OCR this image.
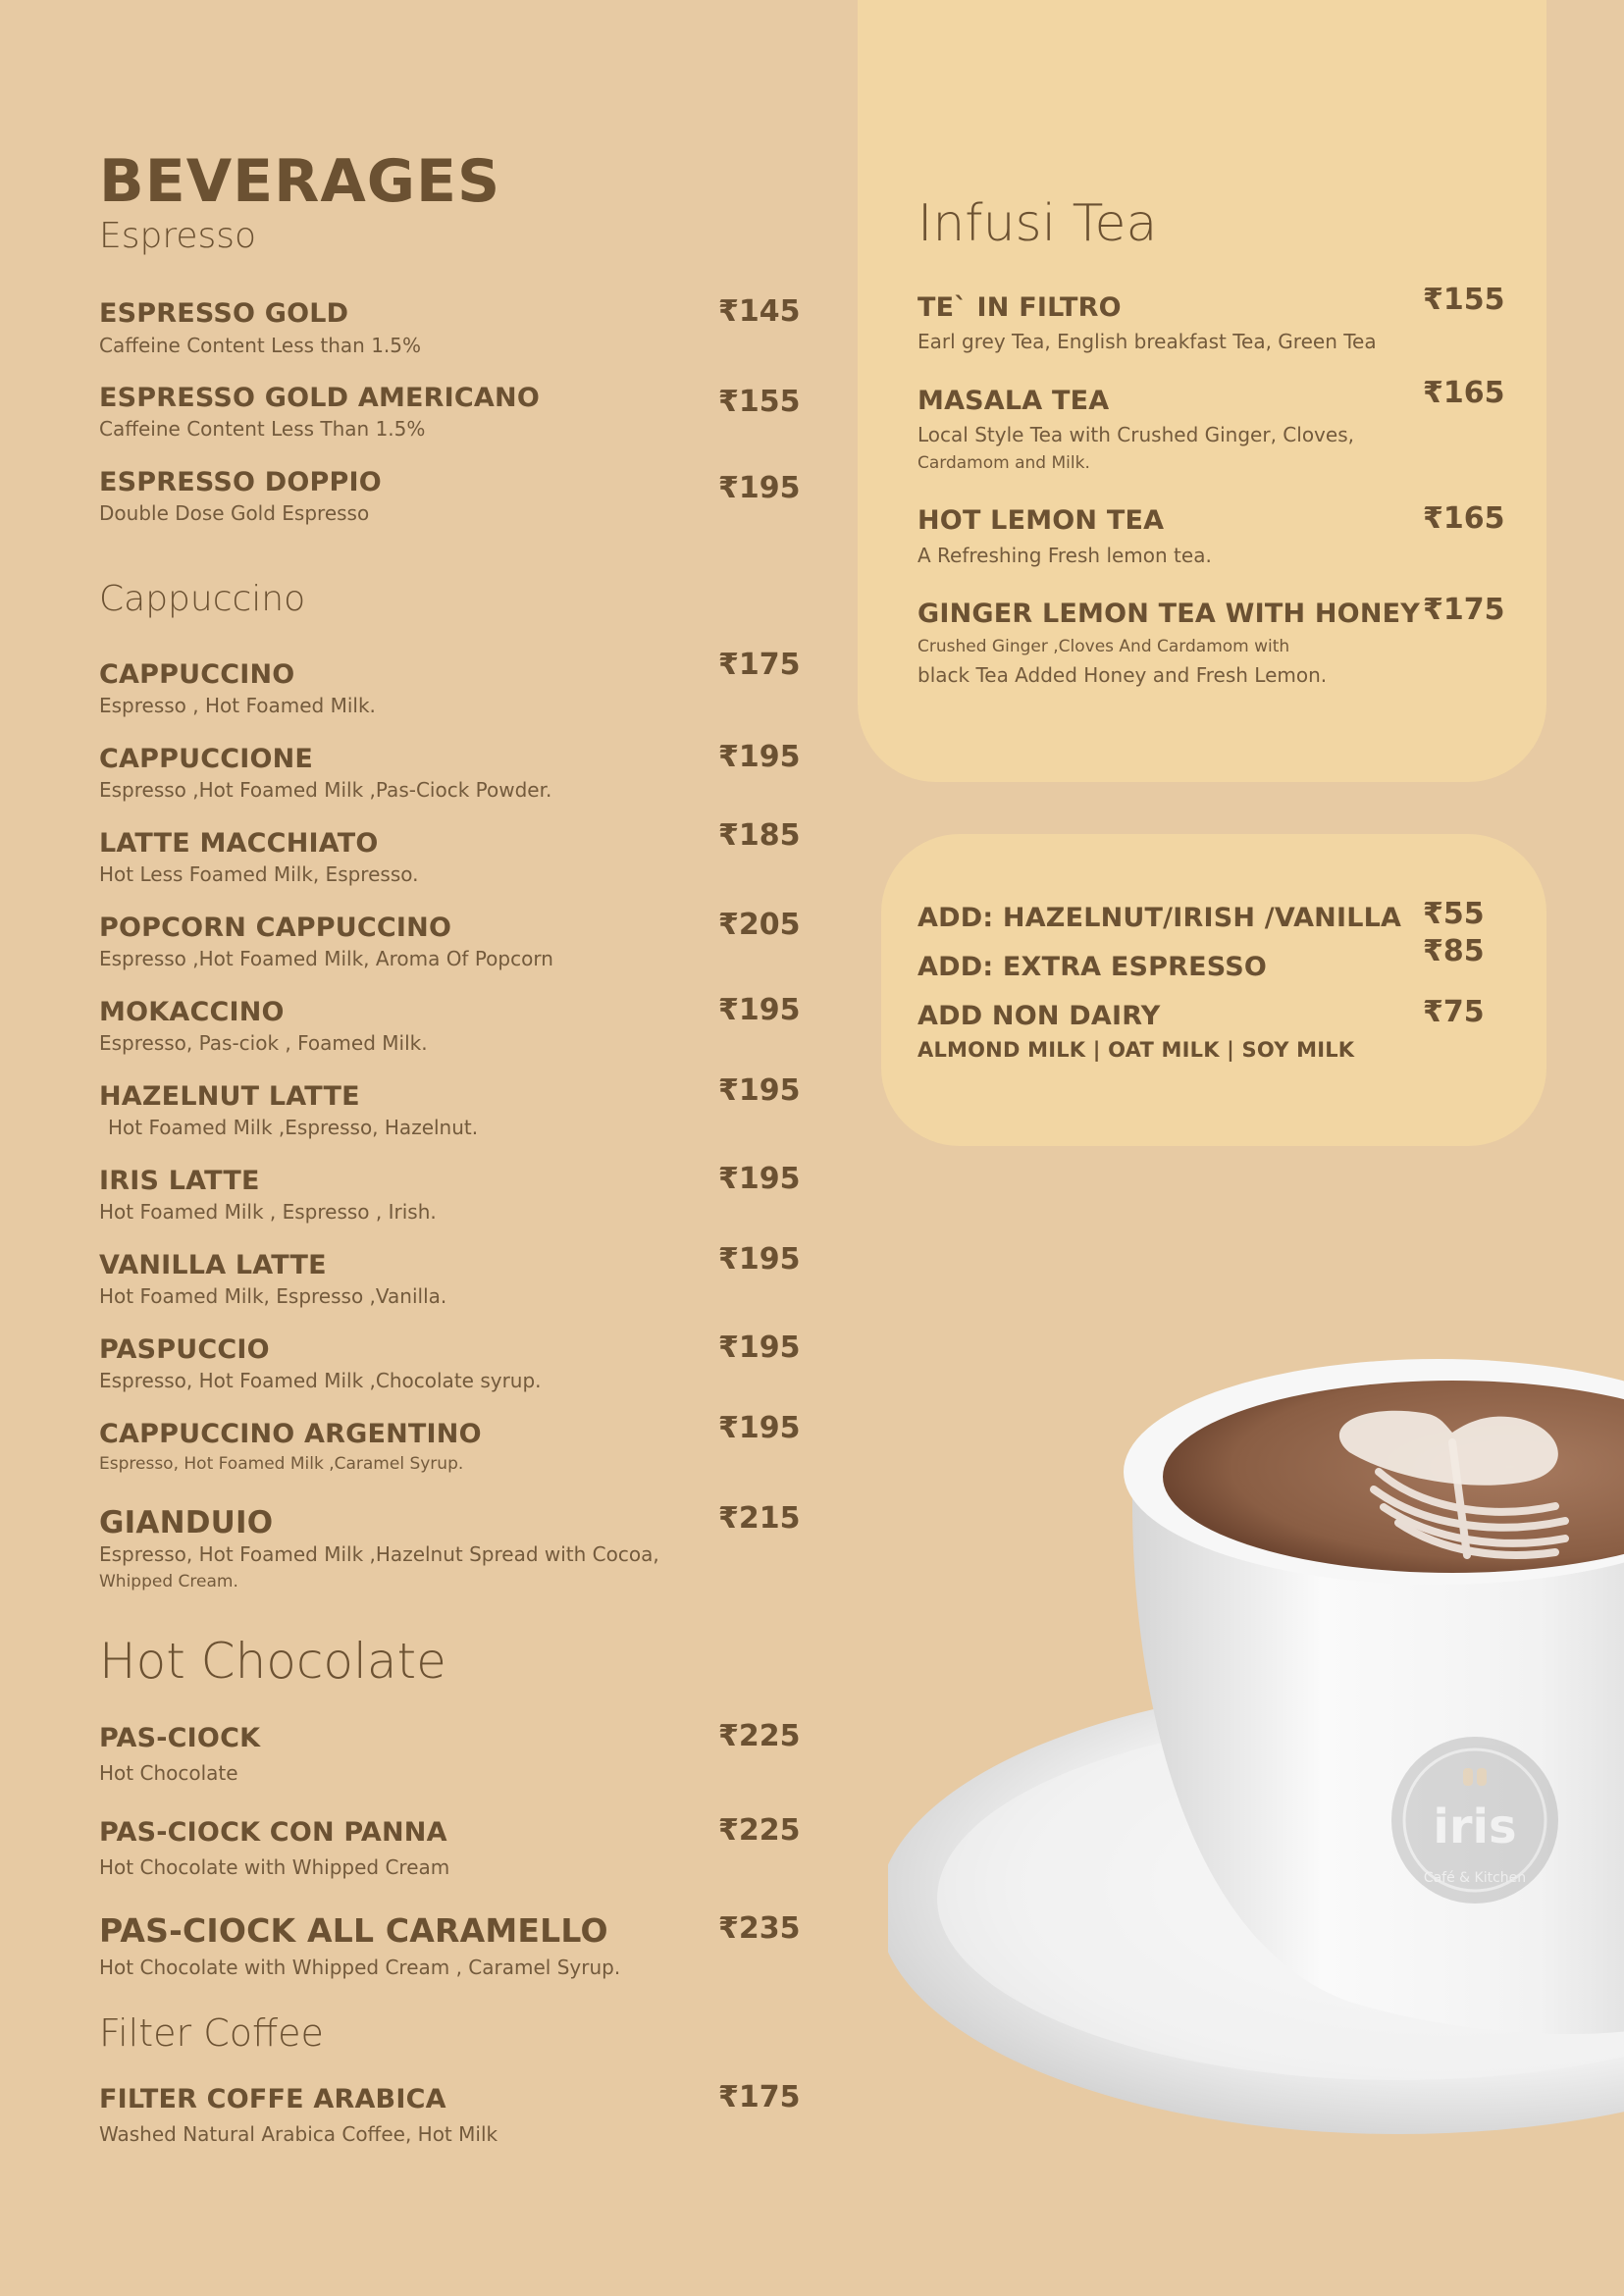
BEVERAGES
Espresso
ESPRESSO GOLD
Caffeine Content Less than 1.5%
₹145
ESPRESSO GOLD AMERICANO
Caffeine Content Less Than 1.5%
₹155
ESPRESSO DOPPIO
Double Dose Gold Espresso
₹195
Cappuccino
CAPPUCCINO
Espresso , Hot Foamed Milk.
₹175
CAPPUCCIONE
Espresso ,Hot Foamed Milk ,Pas-Ciock Powder.
₹195
LATTE MACCHIATO
Hot Less Foamed Milk, Espresso.
₹185
POPCORN CAPPUCCINO
Espresso ,Hot Foamed Milk, Aroma Of Popcorn
₹205
MOKACCINO
Espresso, Pas-ciok , Foamed Milk.
₹195
HAZELNUT LATTE
Hot Foamed Milk ,Espresso, Hazelnut.
₹195
IRIS LATTE
Hot Foamed Milk , Espresso , Irish.
₹195
VANILLA LATTE
Hot Foamed Milk, Espresso ,Vanilla.
₹195
PASPUCCIO
Espresso, Hot Foamed Milk ,Chocolate syrup.
₹195
CAPPUCCINO ARGENTINO
Espresso, Hot Foamed Milk ,Caramel Syrup.
₹195
GIANDUIO
Espresso, Hot Foamed Milk ,Hazelnut Spread with Cocoa,
Whipped Cream.
₹215
Hot Chocolate
PAS-CIOCK
Hot Chocolate
₹225
PAS-CIOCK CON PANNA
Hot Chocolate with Whipped Cream
₹225
PAS-CIOCK ALL CARAMELLO
Hot Chocolate with Whipped Cream , Caramel Syrup.
₹235
Filter Coffee
FILTER COFFE ARABICA
Washed Natural Arabica Coffee, Hot Milk
₹175
Infusi Tea
TE` IN FILTRO
Earl grey Tea, English breakfast Tea, Green Tea
₹155
MASALA TEA
Local Style Tea with Crushed Ginger, Cloves,
Cardamom and Milk.
₹165
HOT LEMON TEA
A Refreshing Fresh lemon tea.
₹165
GINGER LEMON TEA WITH HONEY
Crushed Ginger ,Cloves And Cardamom with
black Tea Added Honey and Fresh Lemon.
₹175
ADD: HAZELNUT/IRISH /VANILLA ₹55
ADD: EXTRA ESPRESSO	₹85
ADD NON DAIRY	₹75
ALMOND MILK | OAT MILK | SOY MILK
iris
Café & Kitchen
